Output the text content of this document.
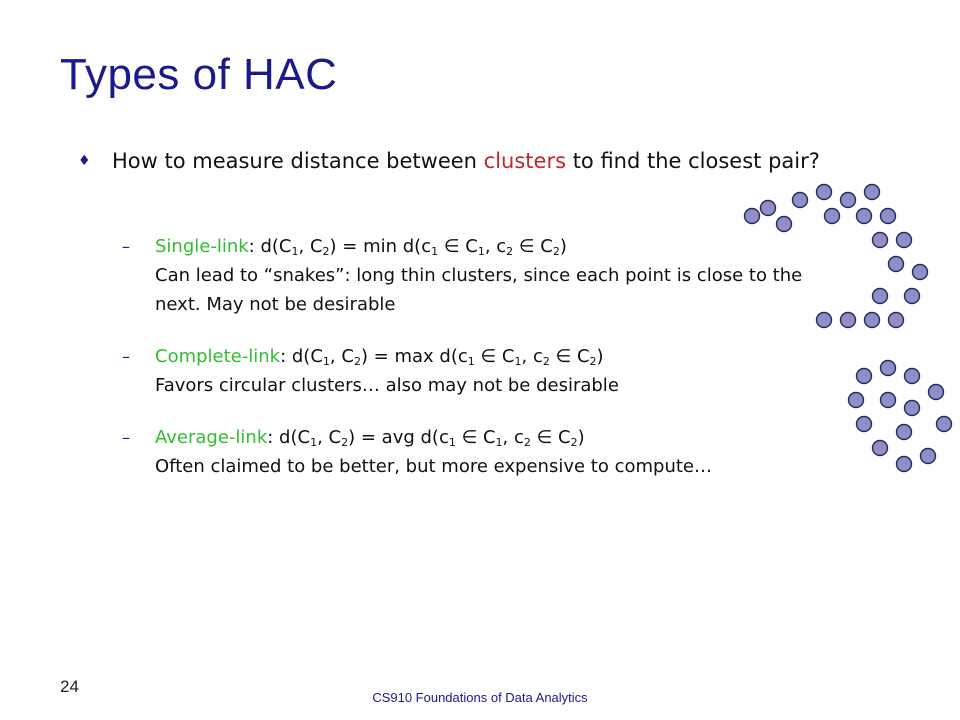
Types of HAC
♦ How to measure distance between clusters to find the closest pair?
– Single-link: $d(C_1$, $C_2) = \min d(c_1$ ∈ $C_1$, $c_2$ ∈ $C_2$)
Can lead to “snakes”: long thin clusters, since each point is close to the next. May not be desirable
– Complete-link: $d(C_1$, $C_2) = \max d(c_1$ ∈ $C_1$, $c_2$ ∈ $C_2$)
Favors circular clusters… also may not be desirable
– Average-link: $d(C_1$, $C_2$) = avg $d(c_1$ ∈ $C_1$, $c_2$ ∈ $C_2$)
Often claimed to be better, but more expensive to compute…
24
CS910 Foundations of Data Analytics
